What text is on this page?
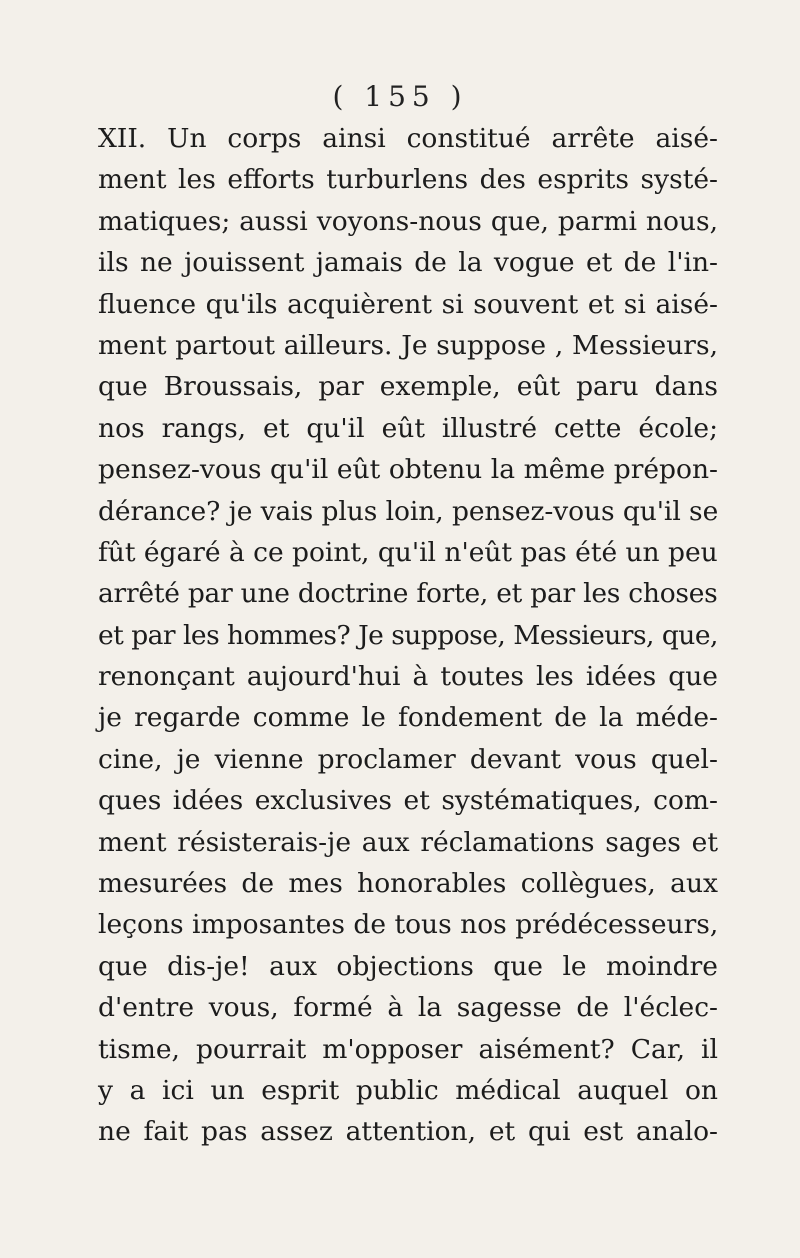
( 155 )
XII. Un corps ainsi constitué arrête aisé-
ment les efforts turburlens des esprits systé-
matiques; aussi voyons-nous que, parmi nous,
ils ne jouissent jamais de la vogue et de l'in-
fluence qu'ils acquièrent si souvent et si aisé-
ment partout ailleurs. Je suppose , Messieurs,
que Broussais, par exemple, eût paru dans
nos rangs, et qu'il eût illustré cette école;
pensez-vous qu'il eût obtenu la même prépon-
dérance? je vais plus loin, pensez-vous qu'il se
fût égaré à ce point, qu'il n'eût pas été un peu
arrêté par une doctrine forte, et par les choses
et par les hommes? Je suppose, Messieurs, que,
renonçant aujourd'hui à toutes les idées que
je regarde comme le fondement de la méde-
cine, je vienne proclamer devant vous quel-
ques idées exclusives et systématiques, com-
ment résisterais-je aux réclamations sages et
mesurées de mes honorables collègues, aux
leçons imposantes de tous nos prédécesseurs,
que dis-je! aux objections que le moindre
d'entre vous, formé à la sagesse de l'éclec-
tisme, pourrait m'opposer aisément? Car, il
y a ici un esprit public médical auquel on
ne fait pas assez attention, et qui est analo-
